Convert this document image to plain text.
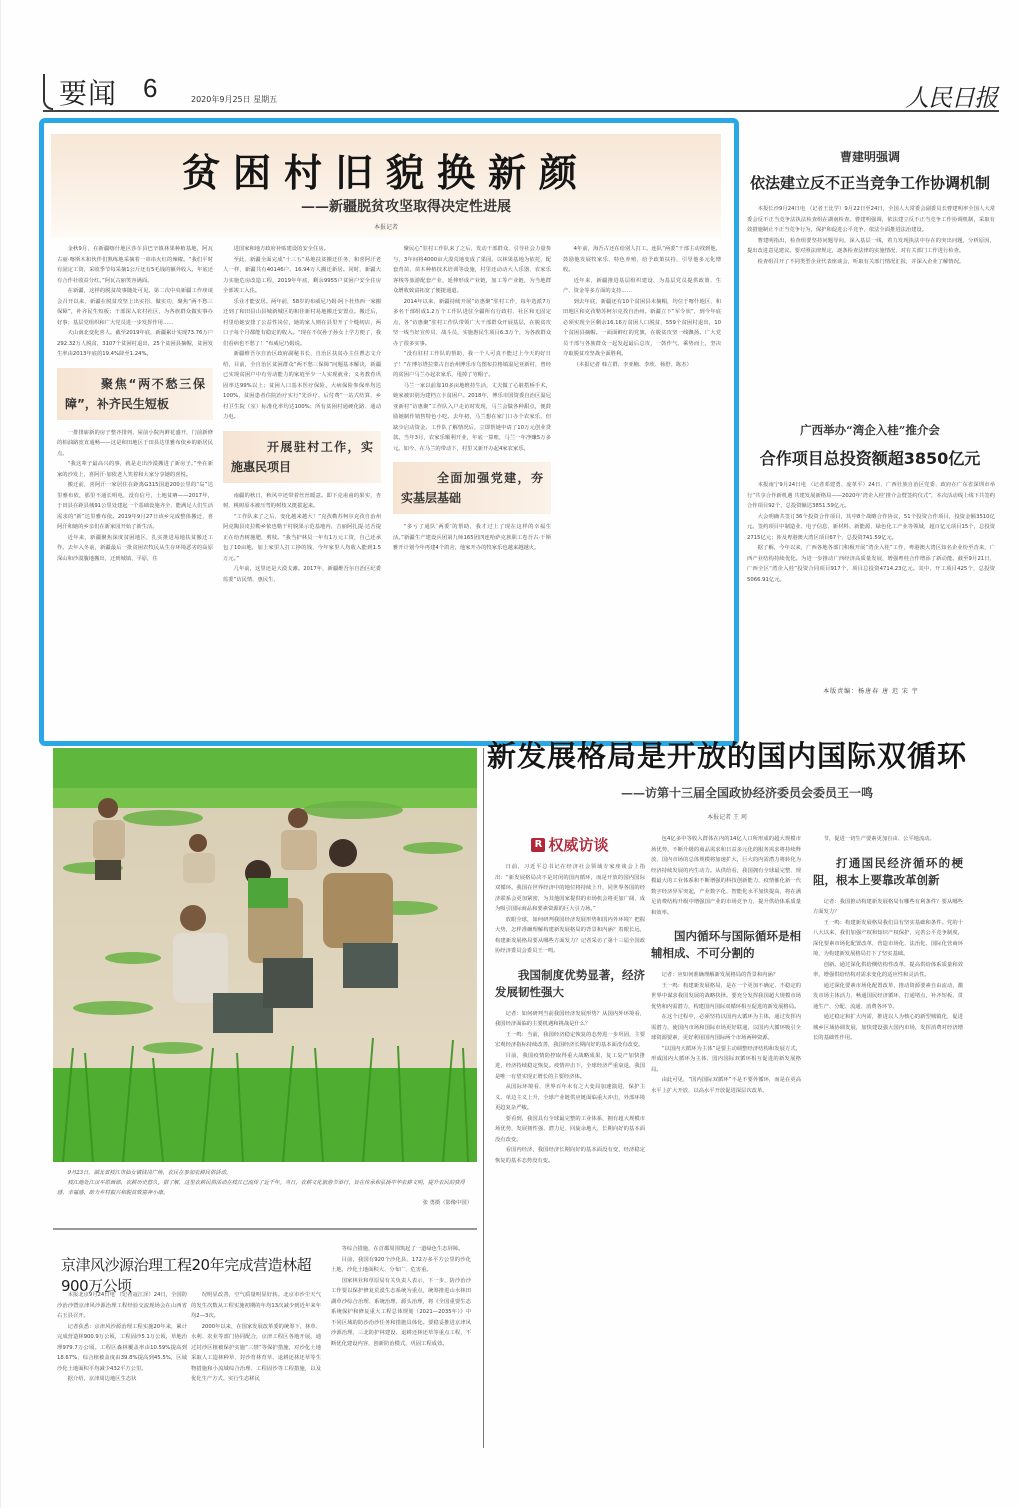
要闻 6	2020年9月25日 星期五	人民日报
贫困村旧貌换新颜
——新疆脱贫攻坚取得决定性进展
本报记者

金秋9月，在新疆喀什地区莎车县巴辛镇林果种植基地，阿瓦古丽·喀斯木和伙伴们熟练地采摘着一串串火红的辣椒。“我们平时有固定工资，采收季节每采摘1公斤还有5毛钱的额外收入，年底还有合作社收益分红。”阿瓦古丽笑容满面。

在新疆，这样的脱贫故事随处可见。第二次中央新疆工作座谈会召开以来，新疆在脱贫攻坚上出实招、做实功，聚焦“两不愁三保障”，补齐民生短板；干部深入农村社区，为各族群众做实事办好事；基层党组织和广大党员进一步发挥作用……

天山南北变化喜人。截至2019年底，新疆累计实现73.76万户292.32万人脱贫，3107个贫困村退出，25个贫困县摘帽，贫困发生率由2013年底的19.4%降至1.24%。

聚焦“两不愁三保障”，补齐民生短板

一排排崭新的房子整齐排列，屋前小院内鲜花盛开，门前新修的柏油路宽直通畅——这是和田地区于田县达里雅布依乡的新居民点。

“我这辈子最高兴的事，就是走出沙漠搬进了新房子。”坐在新家的沙发上，喜阿汗·加依老人笑着和大家分享她的喜悦。

搬迁前，喜阿汗一家居住在距离G315国道200公里的“岛”达里雅布依，那里不通长明电，没有信号，土地贫瘠——2017年，于田县在距县城91公里处建起一个基础设施齐全、能满足人们生活需求的“新”达里雅布依。2019年9月27日该乡完成整体搬迁，喜阿汗和她的乡亲们在新家园开始了新生活。

近年来，新疆聚焦深度贫困地区，扎实推进易地扶贫搬迁工作。去年入冬前，新疆最后一批贫困农牧民从生存环境恶劣的高原深山和沙漠腹地搬出，迁到城镇、平原，住

进国家和地方政府补贴建设的安全住房。

至此，新疆全面完成“十三五”易地扶贫搬迁任务，和喜阿汗老人一样，新疆共有40146户、16.94万人搬迁新居。同时，新疆大力实施危房改造工程，2019年年底，剩余9955户贫困户安全住房全部竣工入住。

乐业才能安居。两年前，58岁的布威尼乃姆·阿卜杜热西一家搬迁到了和田县山县城新城区的和佳新村易地搬迁安置点。搬迁后，村里给她安排了公益性岗位，她的家人则在县里开了个缝纫店，两口子每个月都能有稳定的收入。“现在不仅孙子孙女上学方便了，我们看病也不愁了！”布威尼乃姆说。

新疆维吾尔自治区政府副秘书长、自治区扶贫办主任曹志文介绍，目前，全自治区贫困群众“两不愁三保障”问题基本解决，新疆已实现贫困户中有劳动能力的家庭至少一人实现就业；义务教育巩固率达99%以上；贫困人口基本医疗保险、大病保险参保率均达100%，贫困患者住院治疗实行“先诊疗、后付费”一站式结算，乡村卫生院（室）标准化率均达100%；所有贫困村通硬化路、通动力电。

开展驻村工作，实施惠民项目

南疆的秋日，秋风中还带着丝丝暖意。即下克甫甫的果实，杏树、桃树原本被压弯的树枝又挺拔起来。

“工作队来了之后，变化越来越大！”克孜勒苏柯尔克孜自治州阿克陶县皮拉勒乡依也勒干村脱果示范基地内，吉丽阿扎提·达吾提正在给杏树施肥，剪枝。“我当护林员一年有1万元工资，自己还承包了10亩地，加上家里人打工挣的钱，今年家里人均收入能到1.5万元。”

几年前，这里还是大漠戈滩。2017年，新疆维吾尔自治区纪委监委”访民情、惠民生、

聚民心”驻村工作队来了之后，发动干部群众，引导社会力量参与，3年间将4000亩大漠荒地变成了果园。以林果基地为依托，配套育苗、苗木种植技术培训等设施，村里还动动大人乐器、农家乐客栈等旅游配套产业，延伸形成产业链，加工等产业链，为当地群众增收致富拓宽了便捷通道。

2014年以来，新疆持续开展“访惠聚”驻村工作，每年选派7万多名干部组成1.2万个工作队进驻全疆所有行政村、社区和无固定点，各“访惠聚”驻村工作队带领广大干部群众开展基层，在脱贫攻坚一线当好宣传员、战斗员，实施惠民生项目6.3万个，为各族群众办了很多实事。

“没有驻村工作队的帮助，我一个人可真不能过上今天的好日子！”在博尔塔拉蒙古自治州博乐市乌图布拉格镇温尼亚新村，曾经的贫困户马兰办起农家乐，甩掉了穷帽子。

马兰一家以前靠10多亩地维持生活，丈夫做了心脏搭桥手术，她家被识别为建档立卡贫困户。2018年，博乐市国资委自治区温尼亚新村“访惠聚”工作队入户走访时发现，马兰会做各种甜点，便鼓励她制作销售特色小吃。去年初，马兰想在家门口办个农家乐，但缺少启动资金。工作队了解情况后，立即帮她申请了10万元创业贷款。当年3月，农家乐顺利开业，年底一算账，马兰一年净赚5万多元。如今，在马兰的带动下，村里又新开办起4家农家乐。

全面加强党建，夯实基层基础

“多亏了通队‘两委’的帮助，我才过上了现在这样的幸福生活。”新疆生产建设兵团第九师165团四连哈萨克族职工卷吾古·干斯雅开计划今年再建4个鸽舍，他家开办的牧家乐也越来越越火。

4年前，海吾古还在给别人打工。连队“两委”干部主动找到他，鼓励他发展牧家乐、特色养殖，给予政策扶持，引导他多元化增收。

近年来，新疆推进基层组织建设，为基层党员提供政策、生产、资金等多方面的支持……

到去年底，新疆还有10个贫困县未摘帽，均位于喀什地区、和田地区和克孜勒苏柯尔克孜自治州。新疆立下“军令状”，到今年底必须实现全区剩余16.16万贫困人口脱贫，559个贫困村退出，10个贫困县摘帽。一面面鲜红的党旗，在脱贫攻坚一线飘扬。广大党员干部与各族群众一起发起最后总攻，一鼓作气、乘势而上，坚决夺取脱贫攻坚战全面胜利。

（本报记者 韩立群、李亚楠、李欣、杨舒、陈杰）

曹建明强调
依法建立反不正当竞争工作协调机制

本报长沙9月24日电 （记者王比学）9月22日至24日，全国人大常委会副委员长曹建明率全国人大常委会反不正当竞争法执法检查组在湖南检查。曹建明强调，依法建立反不正当竞争工作协调机制，采取有效措施制止不正当竞争行为，保护和促进公平竞争，依法全面推进法治建设。

曹建明指出，检查组要坚持问题导向，深入基层一线，着力发现执法中存在的突出问题，分析原因，提出改进意见建议。要对照法律规定，逐条检查法律的实施情况，对有关部门工作进行检查。

检查组召开了不同类型企业代表座谈会，听取有关部门情况汇报，并深入企业了解情况。

广西举办“湾企入桂”推介会
合作项目总投资额超3850亿元

本报南宁9月24日电 （记者邓建勇、庞革平）24日，广西壮族自治区党委、政府在广东省深圳市举行“共享合作新机遇 共建发展新格局——2020年‘湾企入桂’推介会暨签约仪式”，本次活动线上线下共签约合作项目92个，总投资额达3851.59亿元。

大会明确共签订36个投资合作项目，其中8个战略合作协议，51个投资合作项目，投资金额3510亿元。签约项目中制造业、电子信息、新材料、新能源、绿色化工产业等领域，超百亿元项目15个，总投资2715亿元；涉及粤港澳大湾区项目67个，总投资741.59亿元。

据了解，今年以来，广西各地各部门积极开展“湾企入桂”工作，粤港澳大湾区知名企业纷至沓来，广西产业结构持续优化。为进一步推动广西经济高质量发展，增强粤桂合作增添了新动能。截至9月21日，广西全区“湾企入桂”投资合同项目917个，项目总投资4714.23亿元。其中，开工项目425个，总投资5066.91亿元。

本版责编：杨唐春 唐 迟 宋 宇
9月23日，湖北省枝江市仙女镇钱岗广场，农民在参加农耕民俗活动。
枝江地处江汉平原西部，农耕历史悠久。据了解，这里农耕民俗活动在枝江已流传了近千年。当日，农耕文化旅游节举行，旨在传承和弘扬中华农耕文明，提升农民的获得感、幸福感，助力乡村振兴和脱贫致富奔小康。
张 勇摄（影像中国）
京津风沙源治理工程20年完成营造林超900万公顷

本报北京9月24日电 （记者寇江泽）24日，全国防沙治沙暨京津风沙源治理工程经验交流现场会在山西省右玉县召开。

记者获悉：京津风沙源治理工程实施20年来，累计完成营造林900.9万公顷，工程固沙5.1万公顷，草地治理979.7万公顷。工程区森林覆盖率由10.59%提高到18.67%，综合植被盖度由39.8%提高到45.5%，区域沙化土地面积平均减少432平方公里。

据介绍，京津周边地区生态状

况明显改善，空气质量明显好转。北京市沙尘天气的发生次数从工程实施初期的年均13次减少到近年来年均2—3次。

2000年以来，在国家发展改革委的统筹下，林草、水利、农业等部门协同配合，京津工程区各地开展，通过封沙区植被保护实施“三禁”等保护措施，对沙化土地采取人工造林种草、封沙育林育草、退耕还林还草等生物措施和小流域综合治理、工程固沙等工程措施，以及优化生产方式、实行生态移民

等综合措施，在首都周围筑起了一道绿色生态屏障。

目前，我国有920个沙化县、172万多平方公里的沙化土地，沙化土地面积大、分布广、危害重。

国家林业和草原局有关负责人表示，下一步，防沙治沙工作要以保护修复荒漠生态系统为重点，统筹推进山水林田湖草沙综合治理、系统治理、源头治理，将《全国重要生态系统保护和修复重大工程总体规划（2021—2035年）》中不同区域的防沙治沙任务和措施具体化。要稳妥推进京津风沙源治理、三北防护林建设、退耕还林还草等重点工程，不断优化建设内容，创新防治模式，巩固工程成效。

新发展格局是开放的国内国际双循环
——访第十三届全国政协经济委员会委员王一鸣
本报记者 王 珂
R 权威访谈

日前，习近平总书记在经济社会领域专家座谈会上指出：“新发展格局决不是封闭的国内循环，而是开放的国内国际双循环。我国在世界经济中的地位将持续上升，同世界各国的经济联系会更加紧密，为其他国家提供的市场机会将更加广阔，成为吸引国际商品和要素资源的巨大引力场。”

放眼全球，如何研判我国经济发展形势和国内外环境？把握大势，怎样准确理解构建新发展格局的背景和内涵？着眼长远，构建新发展格局要从哪些方面发力？记者采访了第十三届全国政协经济委员会委员王一鸣。

我国制度优势显著，经济发展韧性强大

记者：如何研判当前我国经济发展形势？从国内外环境看，我国经济面临的主要机遇和挑战是什么？

王一鸣：当前，我国经济稳定恢复的态势进一步巩固，主要宏观经济指标持续改善，我国经济长期向好的基本面没有改变。

目前，我国疫情防控取得重大战略成果，复工复产加快推进，经济持续稳定恢复。疫情冲击下，全球经济严重衰退，我国是唯一有望实现正增长的主要经济体。

从国际环境看，世界百年未有之大变局加速演进，保护主义、单边主义上升，全球产业链供应链面临重大冲击，外部环境更趋复杂严峻。

要看到，我国具有全球最完整的工业体系，拥有超大规模市场优势，发展韧性强、潜力足、回旋余地大，长期向好的基本面没有改变。

看国内经济，我国经济长期向好的基本面没有变，经济稳定恢复的基本态势没有变。

包4亿多中等收入群体在内的14亿人口所形成的超大规模市场优势，不断升级的商品需求和日益多元化的服务需求将持续释放，国内市场的总体规模将加速扩大，巨大的内需潜力将转化为经济持续发展的内生动力。从供给看，我国拥有全球最完整、规模最大的工业体系和不断增强的科技创新能力，疫情催化新一代数字经济异军突起，产业数字化、智能化水平加快提高，将在满足消费结构升级中增强国产业的市场竞争力，提升供给体系质量和效率。

国内循环与国际循环是相辅相成、不可分割的

记者：应如何准确理解新发展格局的背景和内涵？

王一鸣：构建新发展格局，是在一个更加不确定、不稳定的世界中谋求我国发展的战略抉择。要充分发挥我国超大规模市场优势和内需潜力，构建国内国际双循环相互促进的新发展格局。

在这个过程中，必须坚持以国内大循环为主体，通过发挥内需潜力，使国内市场和国际市场更好联通，以国内大循环吸引全球资源要素，更好利用国内国际两个市场两种资源。

“以国内大循环为主体”是要主动调整经济结构和发展方式，形成国内大循环为主体、国内国际双循环相互促进的新发展格局。

由此可见，“国内国际双循环”不是不要外循环，而是在更高水平上扩大开放，以高水平开放促进深层次改革。

节，促进一切生产要素更加自由、公平地流动。

打通国民经济循环的梗阻，根本上要靠改革创新

记者：我国推动构建新发展格局有哪些有利条件？要从哪些方面发力？

王一鸣：构建新发展格局我们具有坚实基础和条件。党的十八大以来，我们加强产权和知识产权保护，完善公平竞争制度，深化要素市场化配置改革，营造市场化、法治化、国际化营商环境，为构建新发展格局打下了坚实基础。

创新。通过深化供给侧结构性改革，提高供给体系质量和效率，增强供给结构对需求变化的适应性和灵活性。

通过深化要素市场化配置改革，推动资源要素自由流动，激发市场主体活力，畅通国民经济循环，打通堵点，补齐短板，贯通生产、分配、流通、消费各环节。

通过稳定和扩大内需，推进以人为核心的新型城镇化，促进城乡区域协调发展，加快建设强大国内市场，发挥消费对经济增长的基础性作用。
